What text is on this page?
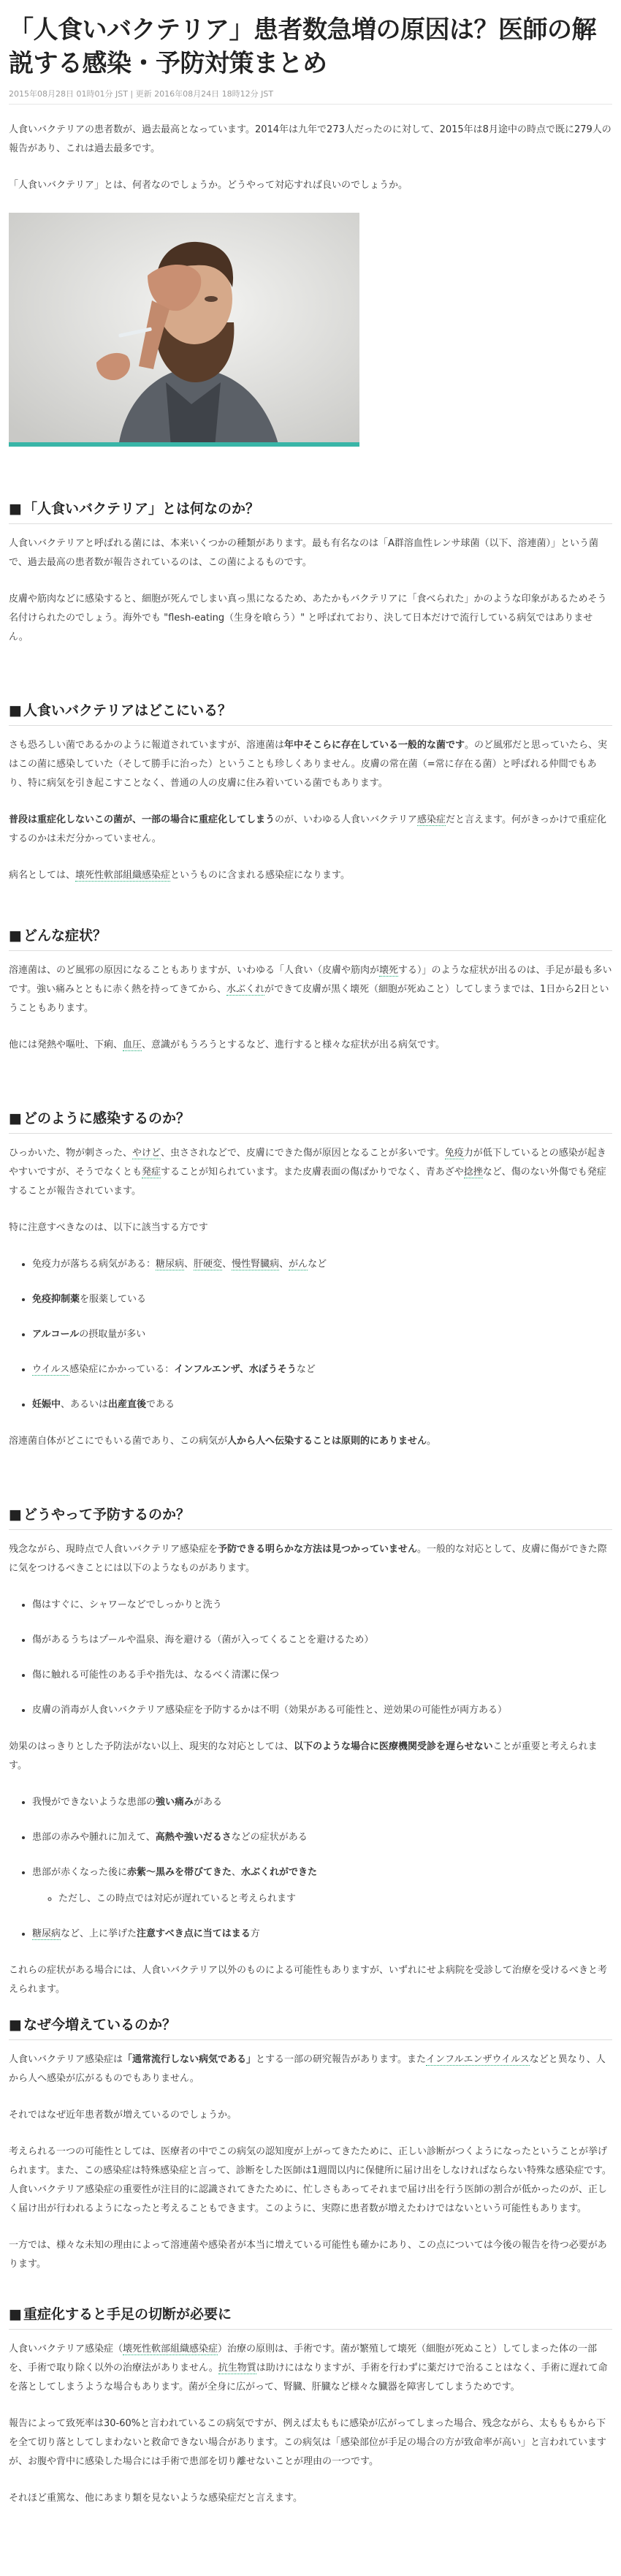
「人食いバクテリア」患者数急増の原因は？医師の解説する感染・予防対策まとめ
2015年08月28日 01時01分 JST | 更新 2016年08月24日 18時12分 JST

人食いバクテリアの患者数が、過去最高となっています。2014年は九年で273人だったのに対して、2015年は8月途中の時点で既に279人の報告があり、これは過去最多です。

「人食いバクテリア」とは、何者なのでしょうか。どうやって対応すれば良いのでしょうか。

■ 「人食いバクテリア」とは何なのか？

人食いバクテリアと呼ばれる菌には、本来いくつかの種類があります。最も有名なのは「A群溶血性レンサ球菌（以下、溶連菌）」という菌で、過去最高の患者数が報告されているのは、この菌によるものです。

皮膚や筋肉などに感染すると、細胞が死んでしまい真っ黒になるため、あたかもバクテリアに「食べられた」かのような印象があるためそう名付けられたのでしょう。海外でも "flesh-eating（生身を喰らう）" と呼ばれており、決して日本だけで流行している病気ではありません。

■ 人食いバクテリアはどこにいる？

さも恐ろしい菌であるかのように報道されていますが、溶連菌は年中そこらに存在している一般的な菌です。のど風邪だと思っていたら、実はこの菌に感染していた（そして勝手に治った）ということも珍しくありません。皮膚の常在菌（=常に存在る菌）と呼ばれる仲間でもあり、特に病気を引き起こすことなく、普通の人の皮膚に住み着いている菌でもあります。

普段は重症化しないこの菌が、一部の場合に重症化してしまうのが、いわゆる人食いバクテリア感染症だと言えます。何がきっかけで重症化するのかは未だ分かっていません。

病名としては、壊死性軟部組織感染症というものに含まれる感染症になります。

■ どんな症状？

溶連菌は、のど風邪の原因になることもありますが、いわゆる「人食い（皮膚や筋肉が壊死する）」のような症状が出るのは、手足が最も多いです。強い痛みとともに赤く熱を持ってきてから、水ぶくれができて皮膚が黒く壊死（細胞が死ぬこと）してしまうまでは、1日から2日ということもあります。

他には発熱や嘔吐、下痢、血圧、意識がもうろうとするなど、進行すると様々な症状が出る病気です。

■ どのように感染するのか？

ひっかいた、物が刺さった、やけど、虫さされなどで、皮膚にできた傷が原因となることが多いです。免疫力が低下しているとの感染が起きやすいですが、そうでなくとも発症することが知られています。また皮膚表面の傷ばかりでなく、青あざや捻挫など、傷のない外傷でも発症することが報告されています。

特に注意すべきなのは、以下に該当する方です

• 免疫力が落ちる病気がある：糖尿病、肝硬変、慢性腎臓病、がんなど
• 免疫抑制薬を服薬している
• アルコールの摂取量が多い
• ウイルス感染症にかかっている：インフルエンザ、水ぼうそうなど
• 妊娠中、あるいは出産直後である

溶連菌自体がどこにでもいる菌であり、この病気が人から人へ伝染することは原則的にありません。

■ どうやって予防するのか？

残念ながら、現時点で人食いバクテリア感染症を予防できる明らかな方法は見つかっていません。一般的な対応として、皮膚に傷ができた際に気をつけるべきことには以下のようなものがあります。

• 傷はすぐに、シャワーなどでしっかりと洗う
• 傷があるうちはプールや温泉、海を避ける（菌が入ってくることを避けるため）
• 傷に触れる可能性のある手や指先は、なるべく清潔に保つ
• 皮膚の消毒が人食いバクテリア感染症を予防するかは不明（効果がある可能性と、逆効果の可能性が両方ある）

効果のはっきりとした予防法がない以上、現実的な対応としては、以下のような場合に医療機関受診を遅らせないことが重要と考えられます。

• 我慢ができないような患部の強い痛みがある
• 患部の赤みや腫れに加えて、高熱や強いだるさなどの症状がある
• 患部が赤くなった後に赤紫〜黒みを帯びてきた、水ぶくれができた
◦ ただし、この時点では対応が遅れていると考えられます
• 糖尿病など、上に挙げた注意すべき点に当てはまる方

これらの症状がある場合には、人食いバクテリア以外のものによる可能性もありますが、いずれにせよ病院を受診して治療を受けるべきと考えられます。

■ なぜ今増えているのか？

人食いバクテリア感染症は「通常流行しない病気である」とする一部の研究報告があります。またインフルエンザウイルスなどと異なり、人から人へ感染が広がるものでもありません。

それではなぜ近年患者数が増えているのでしょうか。

考えられる一つの可能性としては、医療者の中でこの病気の認知度が上がってきたために、正しい診断がつくようになったということが挙げられます。また、この感染症は特殊感染症と言って、診断をした医師は1週間以内に保健所に届け出をしなければならない特殊な感染症です。人食いバクテリア感染症の重要性が注目的に認識されてきたために、忙しさもあってそれまで届け出を行う医師の割合が低かったのが、正しく届け出が行われるようになったと考えることもできます。このように、実際に患者数が増えたわけではないという可能性もあります。

一方では、様々な未知の理由によって溶連菌や感染者が本当に増えている可能性も確かにあり、この点については今後の報告を待つ必要があります。

■ 重症化すると手足の切断が必要に

人食いバクテリア感染症（壊死性軟部組織感染症）治療の原則は、手術です。菌が繁殖して壊死（細胞が死ぬこと）してしまった体の一部を、手術で取り除く以外の治療法がありません。抗生物質は助けにはなりますが、手術を行わずに薬だけで治ることはなく、手術に遅れて命を落としてしまうような場合もあります。菌が全身に広がって、腎臓、肝臓など様々な臓器を障害してしまうためです。

報告によって致死率は30-60%と言われているこの病気ですが、例えば太ももに感染が広がってしまった場合、残念ながら、太もももから下を全て切り落としてしまわないと救命できない場合があります。この病気は「感染部位が手足の場合の方が致命率が高い」と言われていますが、お腹や背中に感染した場合には手術で患部を切り離せないことが理由の一つです。

それほど重篤な、他にあまり類を見ないような感染症だと言えます。
